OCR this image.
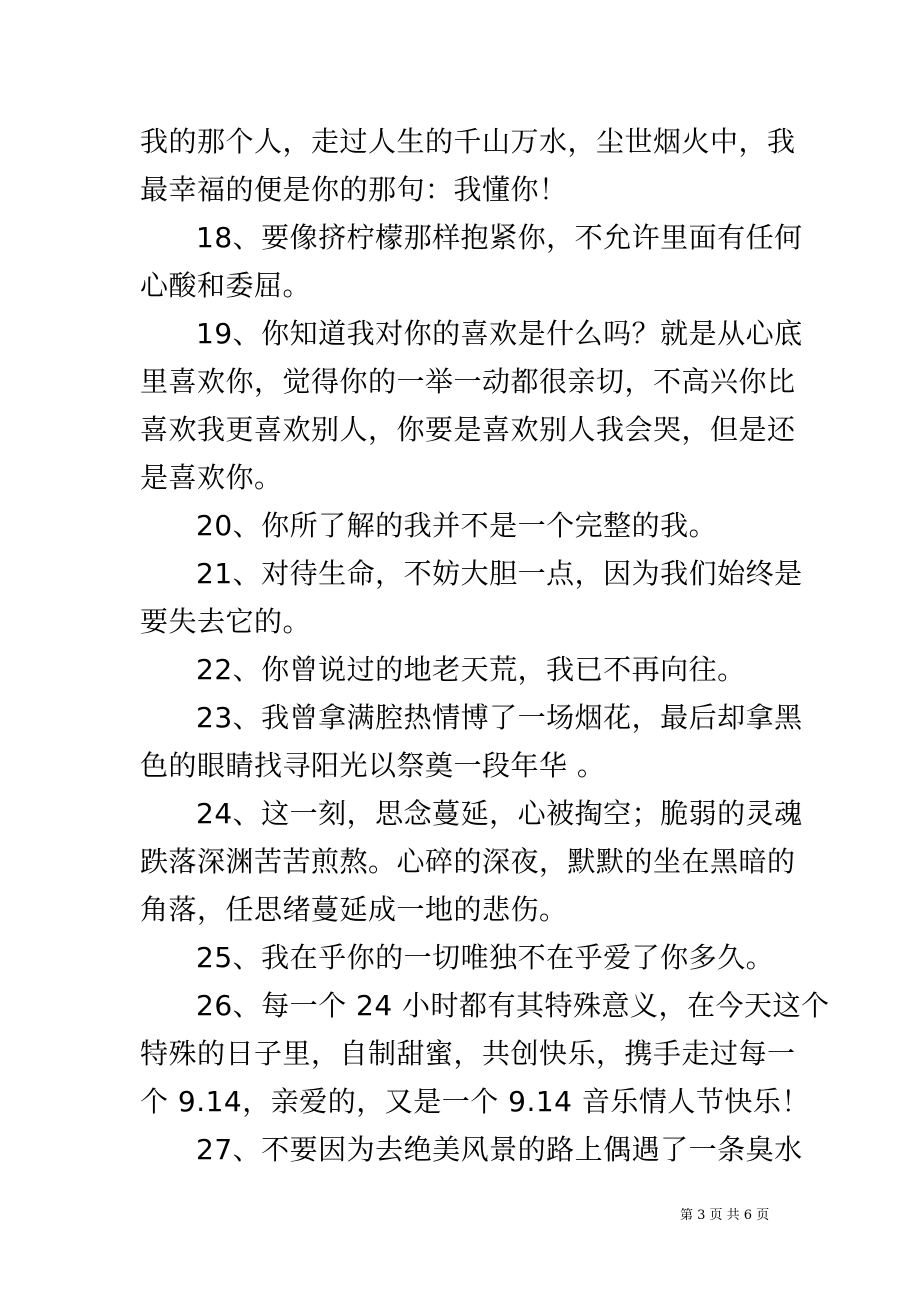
我的那个人，走过人生的千山万水，尘世烟火中，我
最幸福的便是你的那句：我懂你！
18、要像挤柠檬那样抱紧你，不允许里面有任何
心酸和委屈。
19、你知道我对你的喜欢是什么吗？就是从心底
里喜欢你，觉得你的一举一动都很亲切，不高兴你比
喜欢我更喜欢别人，你要是喜欢别人我会哭，但是还
是喜欢你。
20、你所了解的我并不是一个完整的我。
21、对待生命，不妨大胆一点，因为我们始终是
要失去它的。
22、你曾说过的地老天荒，我已不再向往。
23、我曾拿满腔热情博了一场烟花，最后却拿黑
色的眼睛找寻阳光以祭奠一段年华 。
24、这一刻，思念蔓延，心被掏空；脆弱的灵魂
跌落深渊苦苦煎熬。心碎的深夜，默默的坐在黑暗的
角落，任思绪蔓延成一地的悲伤。
25、我在乎你的一切唯独不在乎爱了你多久。
26、每一个 24 小时都有其特殊意义，在今天这个
特殊的日子里，自制甜蜜，共创快乐，携手走过每一
个 9.14，亲爱的，又是一个 9.14 音乐情人节快乐！
27、不要因为去绝美风景的路上偶遇了一条臭水
第 3 页 共 6 页
